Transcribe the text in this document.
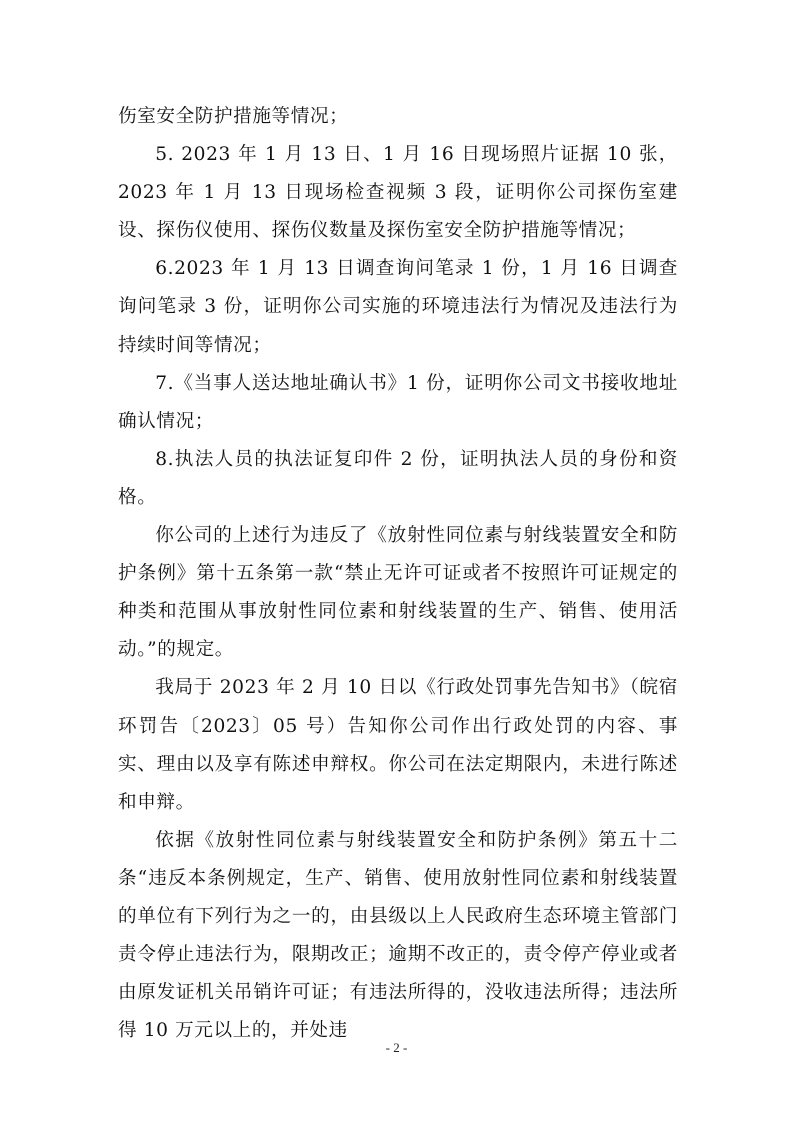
伤室安全防护措施等情况；

5. 2023 年 1 月 13 日、1 月 16 日现场照片证据 10 张，2023 年 1 月 13 日现场检查视频 3 段，证明你公司探伤室建设、探伤仪使用、探伤仪数量及探伤室安全防护措施等情况；

6.2023 年 1 月 13 日调查询问笔录 1 份，1 月 16 日调查询问笔录 3 份，证明你公司实施的环境违法行为情况及违法行为持续时间等情况；

7.《当事人送达地址确认书》1 份，证明你公司文书接收地址确认情况；

8.执法人员的执法证复印件 2 份，证明执法人员的身份和资格。

你公司的上述行为违反了《放射性同位素与射线装置安全和防护条例》第十五条第一款“禁止无许可证或者不按照许可证规定的种类和范围从事放射性同位素和射线装置的生产、销售、使用活动。”的规定。

我局于 2023 年 2 月 10 日以《行政处罚事先告知书》（皖宿环罚告〔2023〕05 号）告知你公司作出行政处罚的内容、事实、理由以及享有陈述申辩权。你公司在法定期限内，未进行陈述和申辩。

依据《放射性同位素与射线装置安全和防护条例》第五十二条“违反本条例规定，生产、销售、使用放射性同位素和射线装置的单位有下列行为之一的，由县级以上人民政府生态环境主管部门责令停止违法行为，限期改正；逾期不改正的，责令停产停业或者由原发证机关吊销许可证；有违法所得的，没收违法所得；违法所得 10 万元以上的，并处违

- 2 -
